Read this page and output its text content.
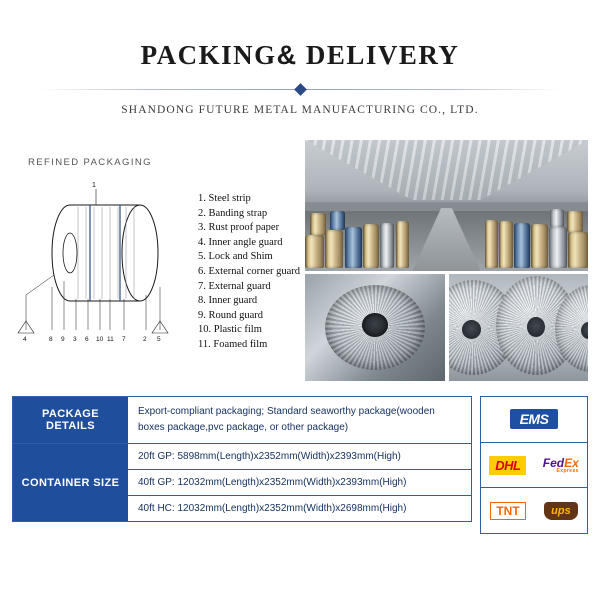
PACKING& DELIVERY
SHANDONG FUTURE METAL MANUFACTURING CO., LTD.
REFINED PACKAGING
1
4	8 9 3 6 10 11 7	2 5
1. Steel strip
2. Banding strap
3. Rust proof paper
4. Inner angle guard
5. Lock and Shim
6. External corner guard
7. External guard
8. Inner guard
9. Round guard
10. Plastic film
11. Foamed film
PACKAGE DETAILS
Export-compliant packaging; Standard seaworthy package(wooden boxes package,pvc package, or other package)
CONTAINER SIZE
20ft GP: 5898mm(Length)x2352mm(Width)x2393mm(High)
40ft GP: 12032mm(Length)x2352mm(Width)x2393mm(High)
40ft HC: 12032mm(Length)x2352mm(Width)x2698mm(High)
EMS
DHL	FedEx
Express
TNT	ups
